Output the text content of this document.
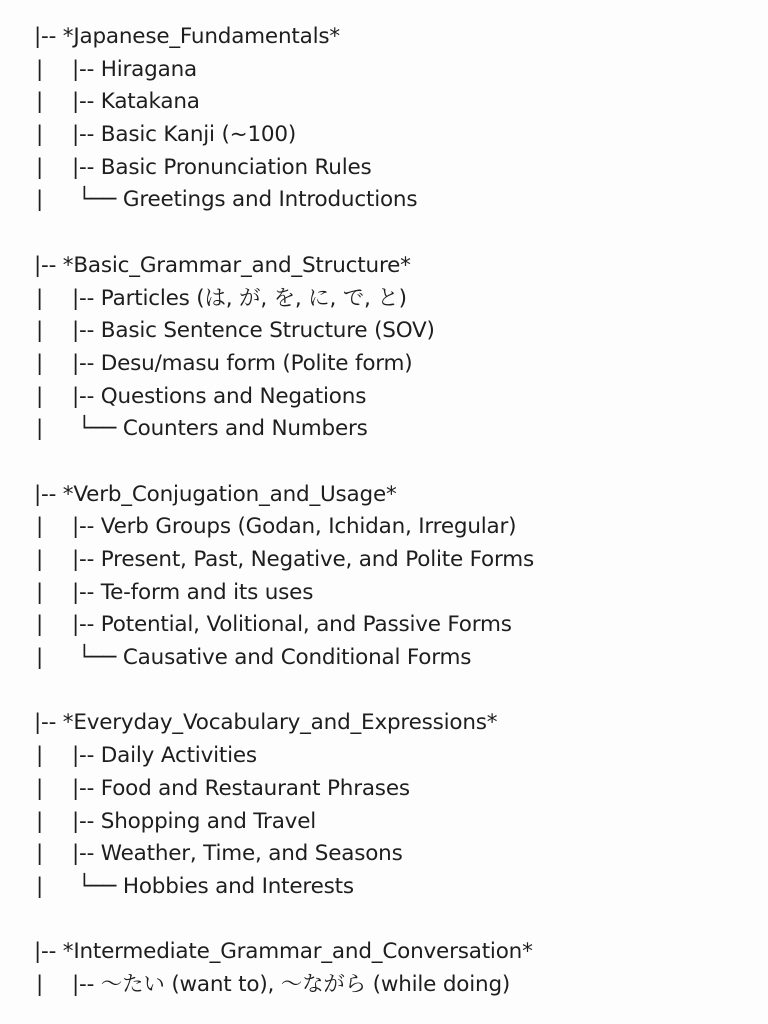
|-- *Japanese_Fundamentals*
| |-- Hiragana
| |-- Katakana
| |-- Basic Kanji (~100)
| |-- Basic Pronunciation Rules
| └── Greetings and Introductions
|-- *Basic_Grammar_and_Structure*
| |-- Particles (は, が, を, に, で, と)
| |-- Basic Sentence Structure (SOV)
| |-- Desu/masu form (Polite form)
| |-- Questions and Negations
| └── Counters and Numbers
|-- *Verb_Conjugation_and_Usage*
| |-- Verb Groups (Godan, Ichidan, Irregular)
| |-- Present, Past, Negative, and Polite Forms
| |-- Te-form and its uses
| |-- Potential, Volitional, and Passive Forms
| └── Causative and Conditional Forms
|-- *Everyday_Vocabulary_and_Expressions*
| |-- Daily Activities
| |-- Food and Restaurant Phrases
| |-- Shopping and Travel
| |-- Weather, Time, and Seasons
| └── Hobbies and Interests
|-- *Intermediate_Grammar_and_Conversation*
| |-- 〜たい (want to), 〜ながら (while doing)
